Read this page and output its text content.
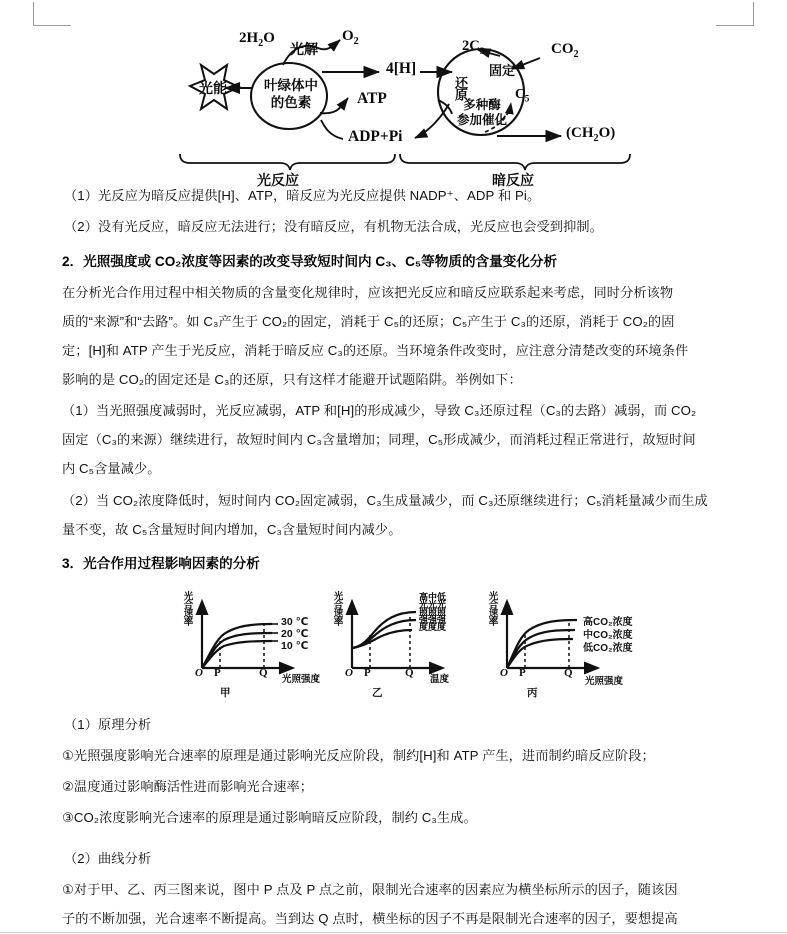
$2H_2O$
光解
$O_2$
光能	叶绿体中
的色素
4[H]
ATP
ADP+Pi
$2C_3$
固定
$CO_2$
$C_5$
还原
多种酶
参加催化
$(CH_2O)$
光反应	暗反应
（1）光反应为暗反应提供[H]、ATP，暗反应为光反应提供 NADP⁺、ADP 和 Pi。
（2）没有光反应，暗反应无法进行；没有暗反应，有机物无法合成，光反应也会受到抑制。
2．光照强度或 CO₂浓度等因素的改变导致短时间内 C₃、C₅等物质的含量变化分析
在分析光合作用过程中相关物质的含量变化规律时，应该把光反应和暗反应联系起来考虑，同时分析该物
质的“来源”和“去路”。如 C₃产生于 CO₂的固定，消耗于 C₅的还原；C₅产生于 C₃的还原，消耗于 CO₂的固
定；[H]和 ATP 产生于光反应，消耗于暗反应 C₃的还原。当环境条件改变时，应注意分清楚改变的环境条件
影响的是 CO₂的固定还是 C₃的还原，只有这样才能避开试题陷阱。举例如下：
（1）当光照强度减弱时，光反应减弱，ATP 和[H]的形成减少，导致 C₃还原过程（C₃的去路）减弱，而 CO₂
固定（C₃的来源）继续进行，故短时间内 C₃含量增加；同理，C₅形成减少，而消耗过程正常进行，故短时间
内 C₅含量减少。
（2）当 CO₂浓度降低时，短时间内 CO₂固定减弱，C₃生成量减少，而 C₃还原继续进行；C₅消耗量减少而生成
量不变，故 C₅含量短时间内增加，C₃含量短时间内减少。
3．光合作用过程影响因素的分析
光合速率
O P	Q
光照强度
30 ℃
20 ℃
10 ℃
甲
光合速率
O P	Q
温度
高光照强度 中光照强度 低光照强度
乙
光合速率
O P	Q
光照强度
高CO₂浓度
中CO₂浓度
低CO₂浓度
丙
（1）原理分析
①光照强度影响光合速率的原理是通过影响光反应阶段，制约[H]和 ATP 产生，进而制约暗反应阶段；
②温度通过影响酶活性进而影响光合速率；
③CO₂浓度影响光合速率的原理是通过影响暗反应阶段，制约 C₃生成。
（2）曲线分析
①对于甲、乙、丙三图来说，图中 P 点及 P 点之前，限制光合速率的因素应为横坐标所示的因子，随该因
子的不断加强，光合速率不断提高。当到达 Q 点时，横坐标的因子不再是限制光合速率的因子，要想提高
